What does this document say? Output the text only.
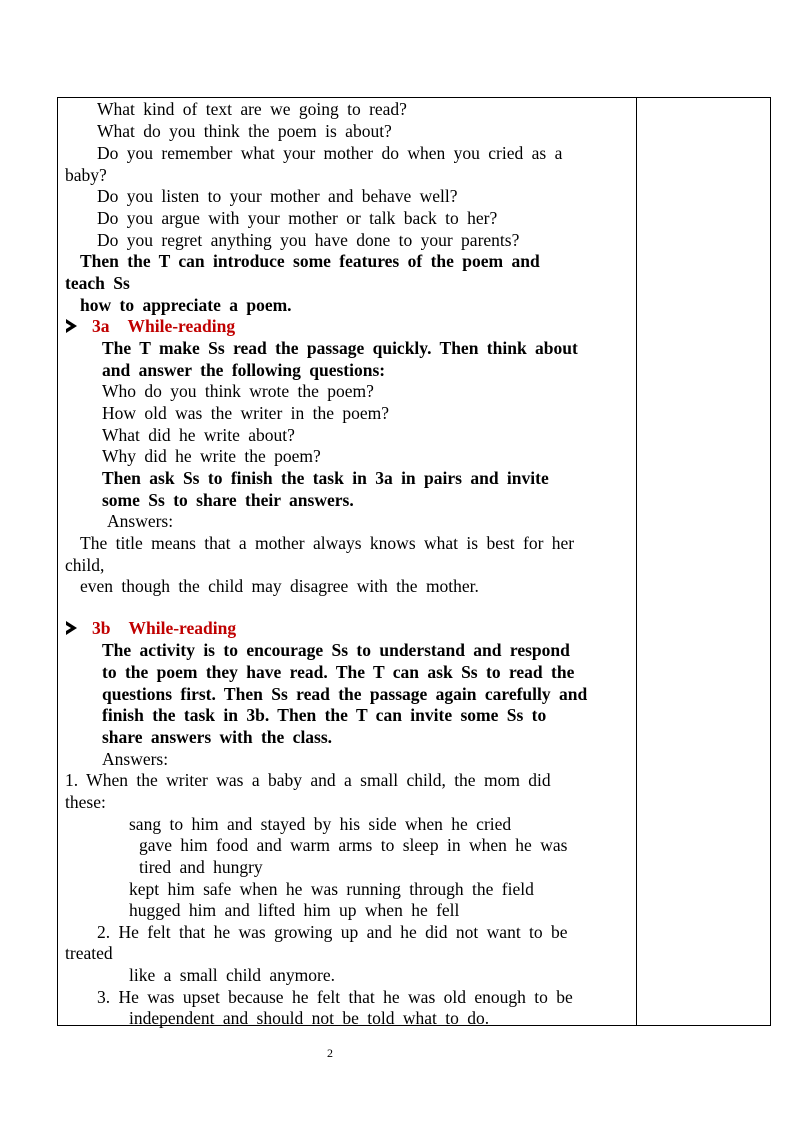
What kind of text are we going to read?
What do you think the poem is about?
Do you remember what your mother do when you cried as a
baby?
Do you listen to your mother and behave well?
Do you argue with your mother or talk back to her?
Do you regret anything you have done to your parents?
Then the T can introduce some features of the poem and
teach Ss
how to appreciate a poem.
3a While-reading
The T make Ss read the passage quickly. Then think about
and answer the following questions:
Who do you think wrote the poem?
How old was the writer in the poem?
What did he write about?
Why did he write the poem?
Then ask Ss to finish the task in 3a in pairs and invite
some Ss to share their answers.
Answers:
The title means that a mother always knows what is best for her
child,
even though the child may disagree with the mother.
3b While-reading
The activity is to encourage Ss to understand and respond
to the poem they have read. The T can ask Ss to read the
questions first. Then Ss read the passage again carefully and
finish the task in 3b. Then the T can invite some Ss to
share answers with the class.
Answers:
1. When the writer was a baby and a small child, the mom did
these:
sang to him and stayed by his side when he cried
gave him food and warm arms to sleep in when he was
tired and hungry
kept him safe when he was running through the field
hugged him and lifted him up when he fell
2. He felt that he was growing up and he did not want to be
treated
like a small child anymore.
3. He was upset because he felt that he was old enough to be
independent and should not be told what to do.
2
